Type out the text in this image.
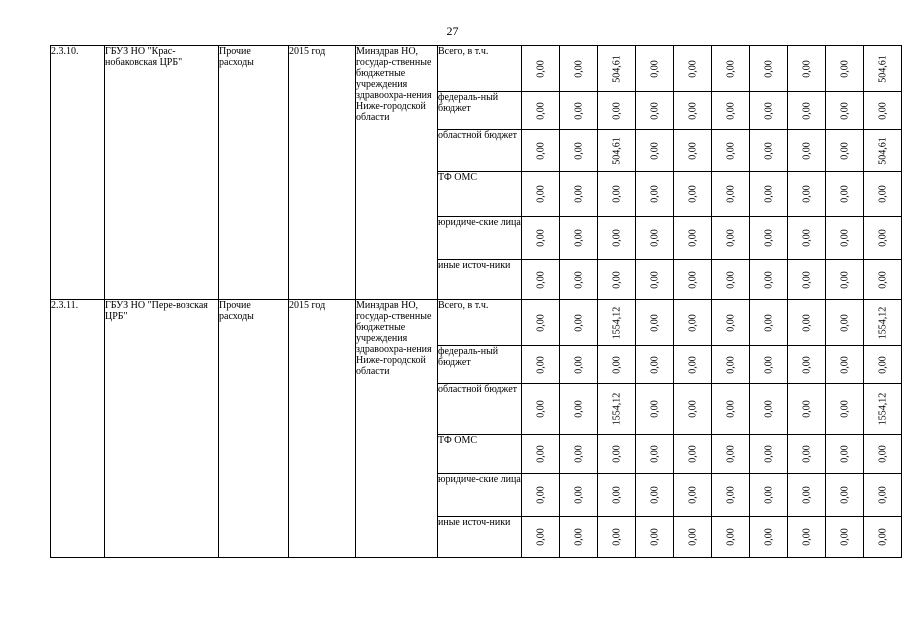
27
2.3.10.	ГБУЗ НО "Крас-нобаковская ЦРБ"	Прочие расходы	2015 год	Минздрав НО, государ-ственные бюджетные учреждения здравоохра-нения Ниже-городской области	Всего, в т.ч.	0,00	0,00	504,61	0,00	0,00	0,00	0,00	0,00	0,00	504,61

					федераль-ный бюджет	0,00	0,00	0,00	0,00	0,00	0,00	0,00	0,00	0,00	0,00

					областной бюджет	0,00	0,00	504,61	0,00	0,00	0,00	0,00	0,00	0,00	504,61

					ТФ ОМС	0,00	0,00	0,00	0,00	0,00	0,00	0,00	0,00	0,00	0,00

					юридиче-ские лица	0,00	0,00	0,00	0,00	0,00	0,00	0,00	0,00	0,00	0,00

					иные источ-ники	0,00	0,00	0,00	0,00	0,00	0,00	0,00	0,00	0,00	0,00

2.3.11.	ГБУЗ НО "Пере-возская ЦРБ"	Прочие расходы	2015 год	Минздрав НО, государ-ственные бюджетные учреждения здравоохра-нения Ниже-городской области	Всего, в т.ч.	0,00	0,00	1554,12	0,00	0,00	0,00	0,00	0,00	0,00	1554,12

					федераль-ный бюджет	0,00	0,00	0,00	0,00	0,00	0,00	0,00	0,00	0,00	0,00

					областной бюджет	0,00	0,00	1554,12	0,00	0,00	0,00	0,00	0,00	0,00	1554,12

					ТФ ОМС	0,00	0,00	0,00	0,00	0,00	0,00	0,00	0,00	0,00	0,00

					юридиче-ские лица	0,00	0,00	0,00	0,00	0,00	0,00	0,00	0,00	0,00	0,00

					иные источ-ники	0,00	0,00	0,00	0,00	0,00	0,00	0,00	0,00	0,00	0,00
